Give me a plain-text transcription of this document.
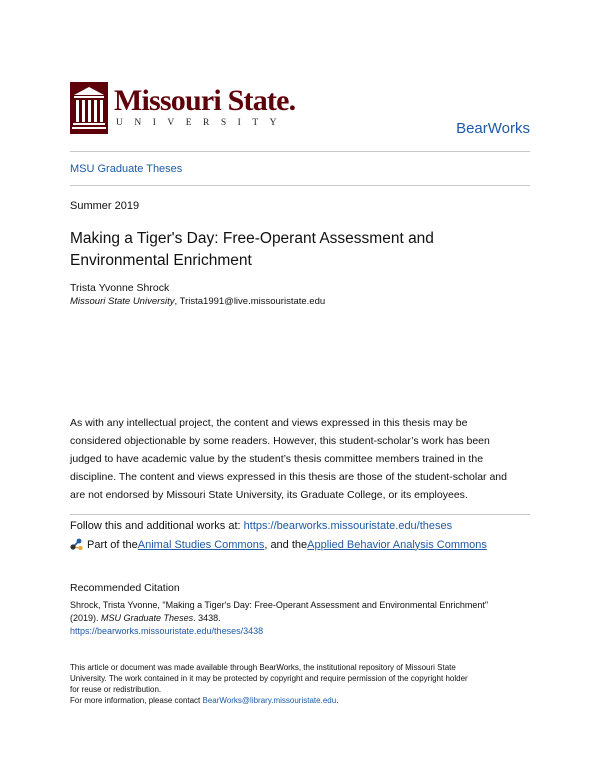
Missouri State.
UNIVERSITY	BearWorks
MSU Graduate Theses
Summer 2019
Making a Tiger's Day: Free-Operant Assessment and
Environmental Enrichment
Trista Yvonne Shrock
Missouri State University, Trista1991@live.missouristate.edu
As with any intellectual project, the content and views expressed in this thesis may be
considered objectionable by some readers. However, this student-scholar’s work has been
judged to have academic value by the student’s thesis committee members trained in the
discipline. The content and views expressed in this thesis are those of the student-scholar and
are not endorsed by Missouri State University, its Graduate College, or its employees.
Follow this and additional works at: https://bearworks.missouristate.edu/theses
Part of the Animal Studies Commons , and the Applied Behavior Analysis Commons
Recommended Citation
Shrock, Trista Yvonne, "Making a Tiger's Day: Free-Operant Assessment and Environmental Enrichment"
(2019). MSU Graduate Theses. 3438.
https://bearworks.missouristate.edu/theses/3438
This article or document was made available through BearWorks, the institutional repository of Missouri State
University. The work contained in it may be protected by copyright and require permission of the copyright holder
for reuse or redistribution.
For more information, please contact BearWorks@library.missouristate.edu.
